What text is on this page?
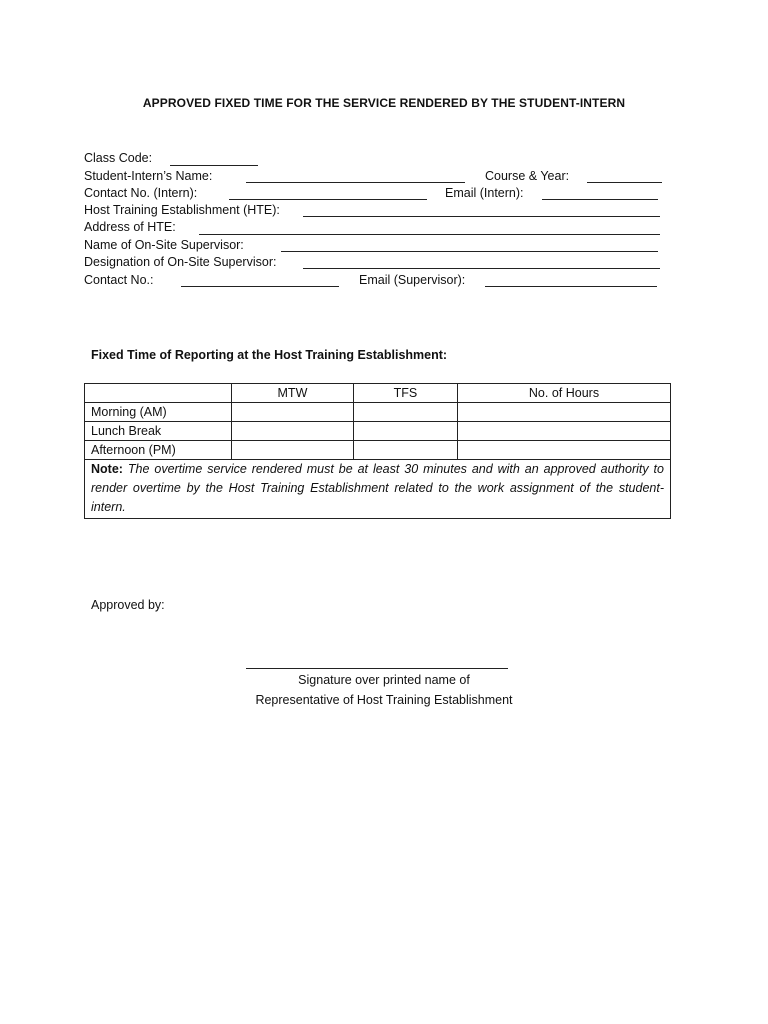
APPROVED FIXED TIME FOR THE SERVICE RENDERED BY THE STUDENT-INTERN
Class Code:
Student-Intern’s Name:	Course & Year:
Contact No. (Intern):	Email (Intern):
Host Training Establishment (HTE):
Address of HTE:
Name of On-Site Supervisor:
Designation of On-Site Supervisor:
Contact No.:	Email (Supervisor):
Fixed Time of Reporting at the Host Training Establishment:
	MTW	TFS	No. of Hours
Morning (AM)			
Lunch Break			
Afternoon (PM)			
Note: The overtime service rendered must be at least 30 minutes and with an approved authority to render overtime by the Host Training Establishment related to the work assignment of the student-intern.			
Approved by:
Signature over printed name of
Representative of Host Training Establishment
